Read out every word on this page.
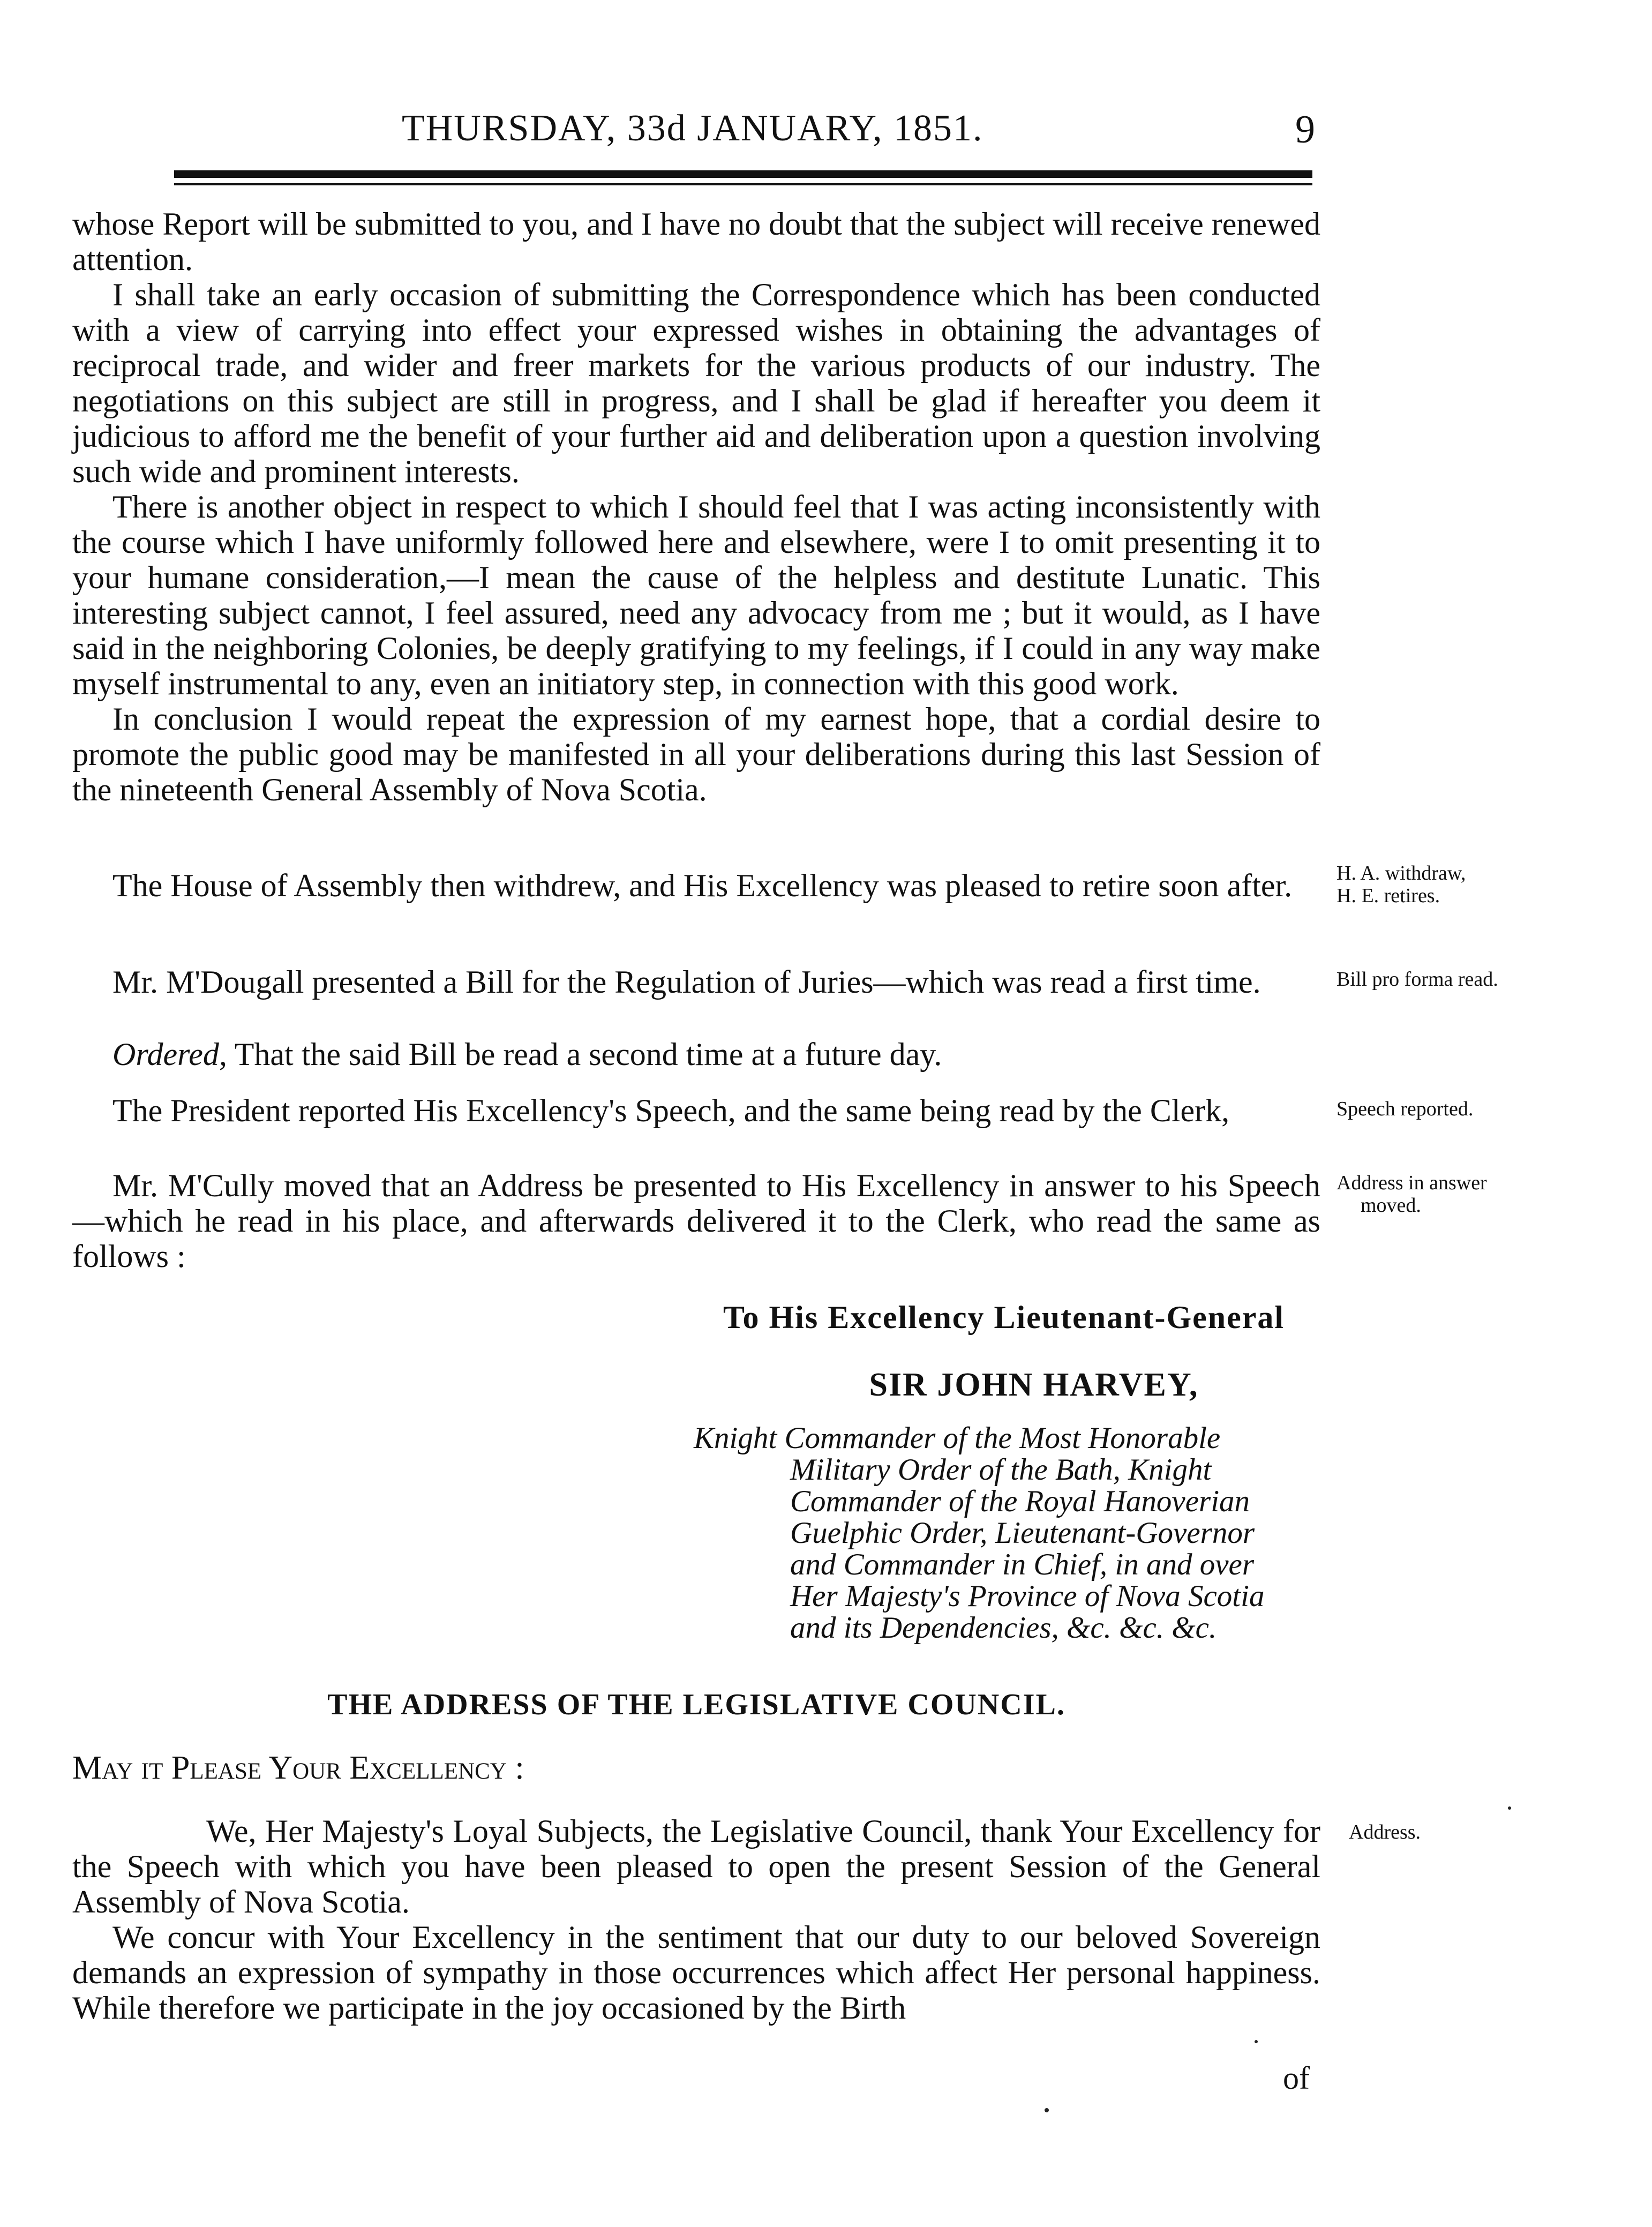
THURSDAY, 33d JANUARY, 1851.	9

whose Report will be submitted to you, and I have no doubt that the subject will receive renewed attention.

I shall take an early occasion of submitting the Correspondence which has been conducted with a view of carrying into effect your expressed wishes in obtaining the advantages of reciprocal trade, and wider and freer markets for the various products of our industry. The negotiations on this subject are still in progress, and I shall be glad if hereafter you deem it judicious to afford me the benefit of your further aid and deliberation upon a question involving such wide and prominent interests.

There is another object in respect to which I should feel that I was acting inconsistently with the course which I have uniformly followed here and elsewhere, were I to omit presenting it to your humane consideration,—I mean the cause of the helpless and destitute Lunatic. This interesting subject cannot, I feel assured, need any advocacy from me ; but it would, as I have said in the neighboring Colonies, be deeply gratifying to my feelings, if I could in any way make myself instrumental to any, even an initiatory step, in connection with this good work.

In conclusion I would repeat the expression of my earnest hope, that a cordial desire to promote the public good may be manifested in all your deliberations during this last Session of the nineteenth General Assembly of Nova Scotia.

The House of Assembly then withdrew, and His Excellency was pleased to retire soon after.	H. A. withdraw,
H. E. retires.
Mr. M'Dougall presented a Bill for the Regulation of Juries—which was read a first time.	Bill pro forma read.
Ordered, That the said Bill be read a second time at a future day.
The President reported His Excellency's Speech, and the same being read by the Clerk,	Speech reported.
Mr. M'Cully moved that an Address be presented to His Excellency in answer to his Speech—which he read in his place, and afterwards delivered it to the Clerk, who read the same as follows :
Address in answer
moved.
To His Excellency Lieutenant-General
SIR JOHN HARVEY,
Knight Commander of the Most Honorable
Military Order of the Bath, Knight
Commander of the Royal Hanoverian
Guelphic Order, Lieutenant-Governor
and Commander in Chief, in and over
Her Majesty's Province of Nova Scotia
and its Dependencies, &c. &c. &c.
THE ADDRESS OF THE LEGISLATIVE COUNCIL.
May it Please Your Excellency :

We, Her Majesty's Loyal Subjects, the Legislative Council, thank Your Excellency for the Speech with which you have been pleased to open the present Session of the General Assembly of Nova Scotia.

We concur with Your Excellency in the sentiment that our duty to our beloved Sovereign demands an expression of sympathy in those occurrences which affect Her personal happiness. While therefore we participate in the joy occasioned by the Birth

Address.
of
